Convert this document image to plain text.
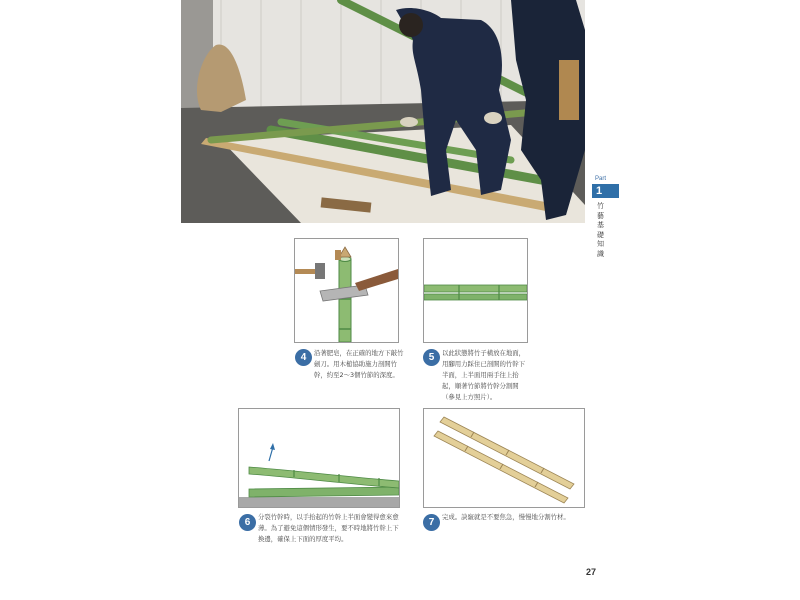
Part
1
竹藝基礎知識
4	沿著肥皂，在正確的地方下敲竹劍刀。用木槌協助施力剖開竹幹，約至2～3個竹節的深度。
5	以此狀態將竹子橫放在地面，用腳用力踩住已剖開的竹幹下半面，上半面用兩手往上抬起，順著竹節將竹幹分割開（參見上方照片）。
6	分裂竹幹時，以手抬起的竹幹上半面會變得愈來愈薄。為了避免這個情形發生，要不時地將竹幹上下換邊，確保上下面的厚度平均。
7	完成。訣竅就是不要焦急，慢慢地分割竹材。
27
